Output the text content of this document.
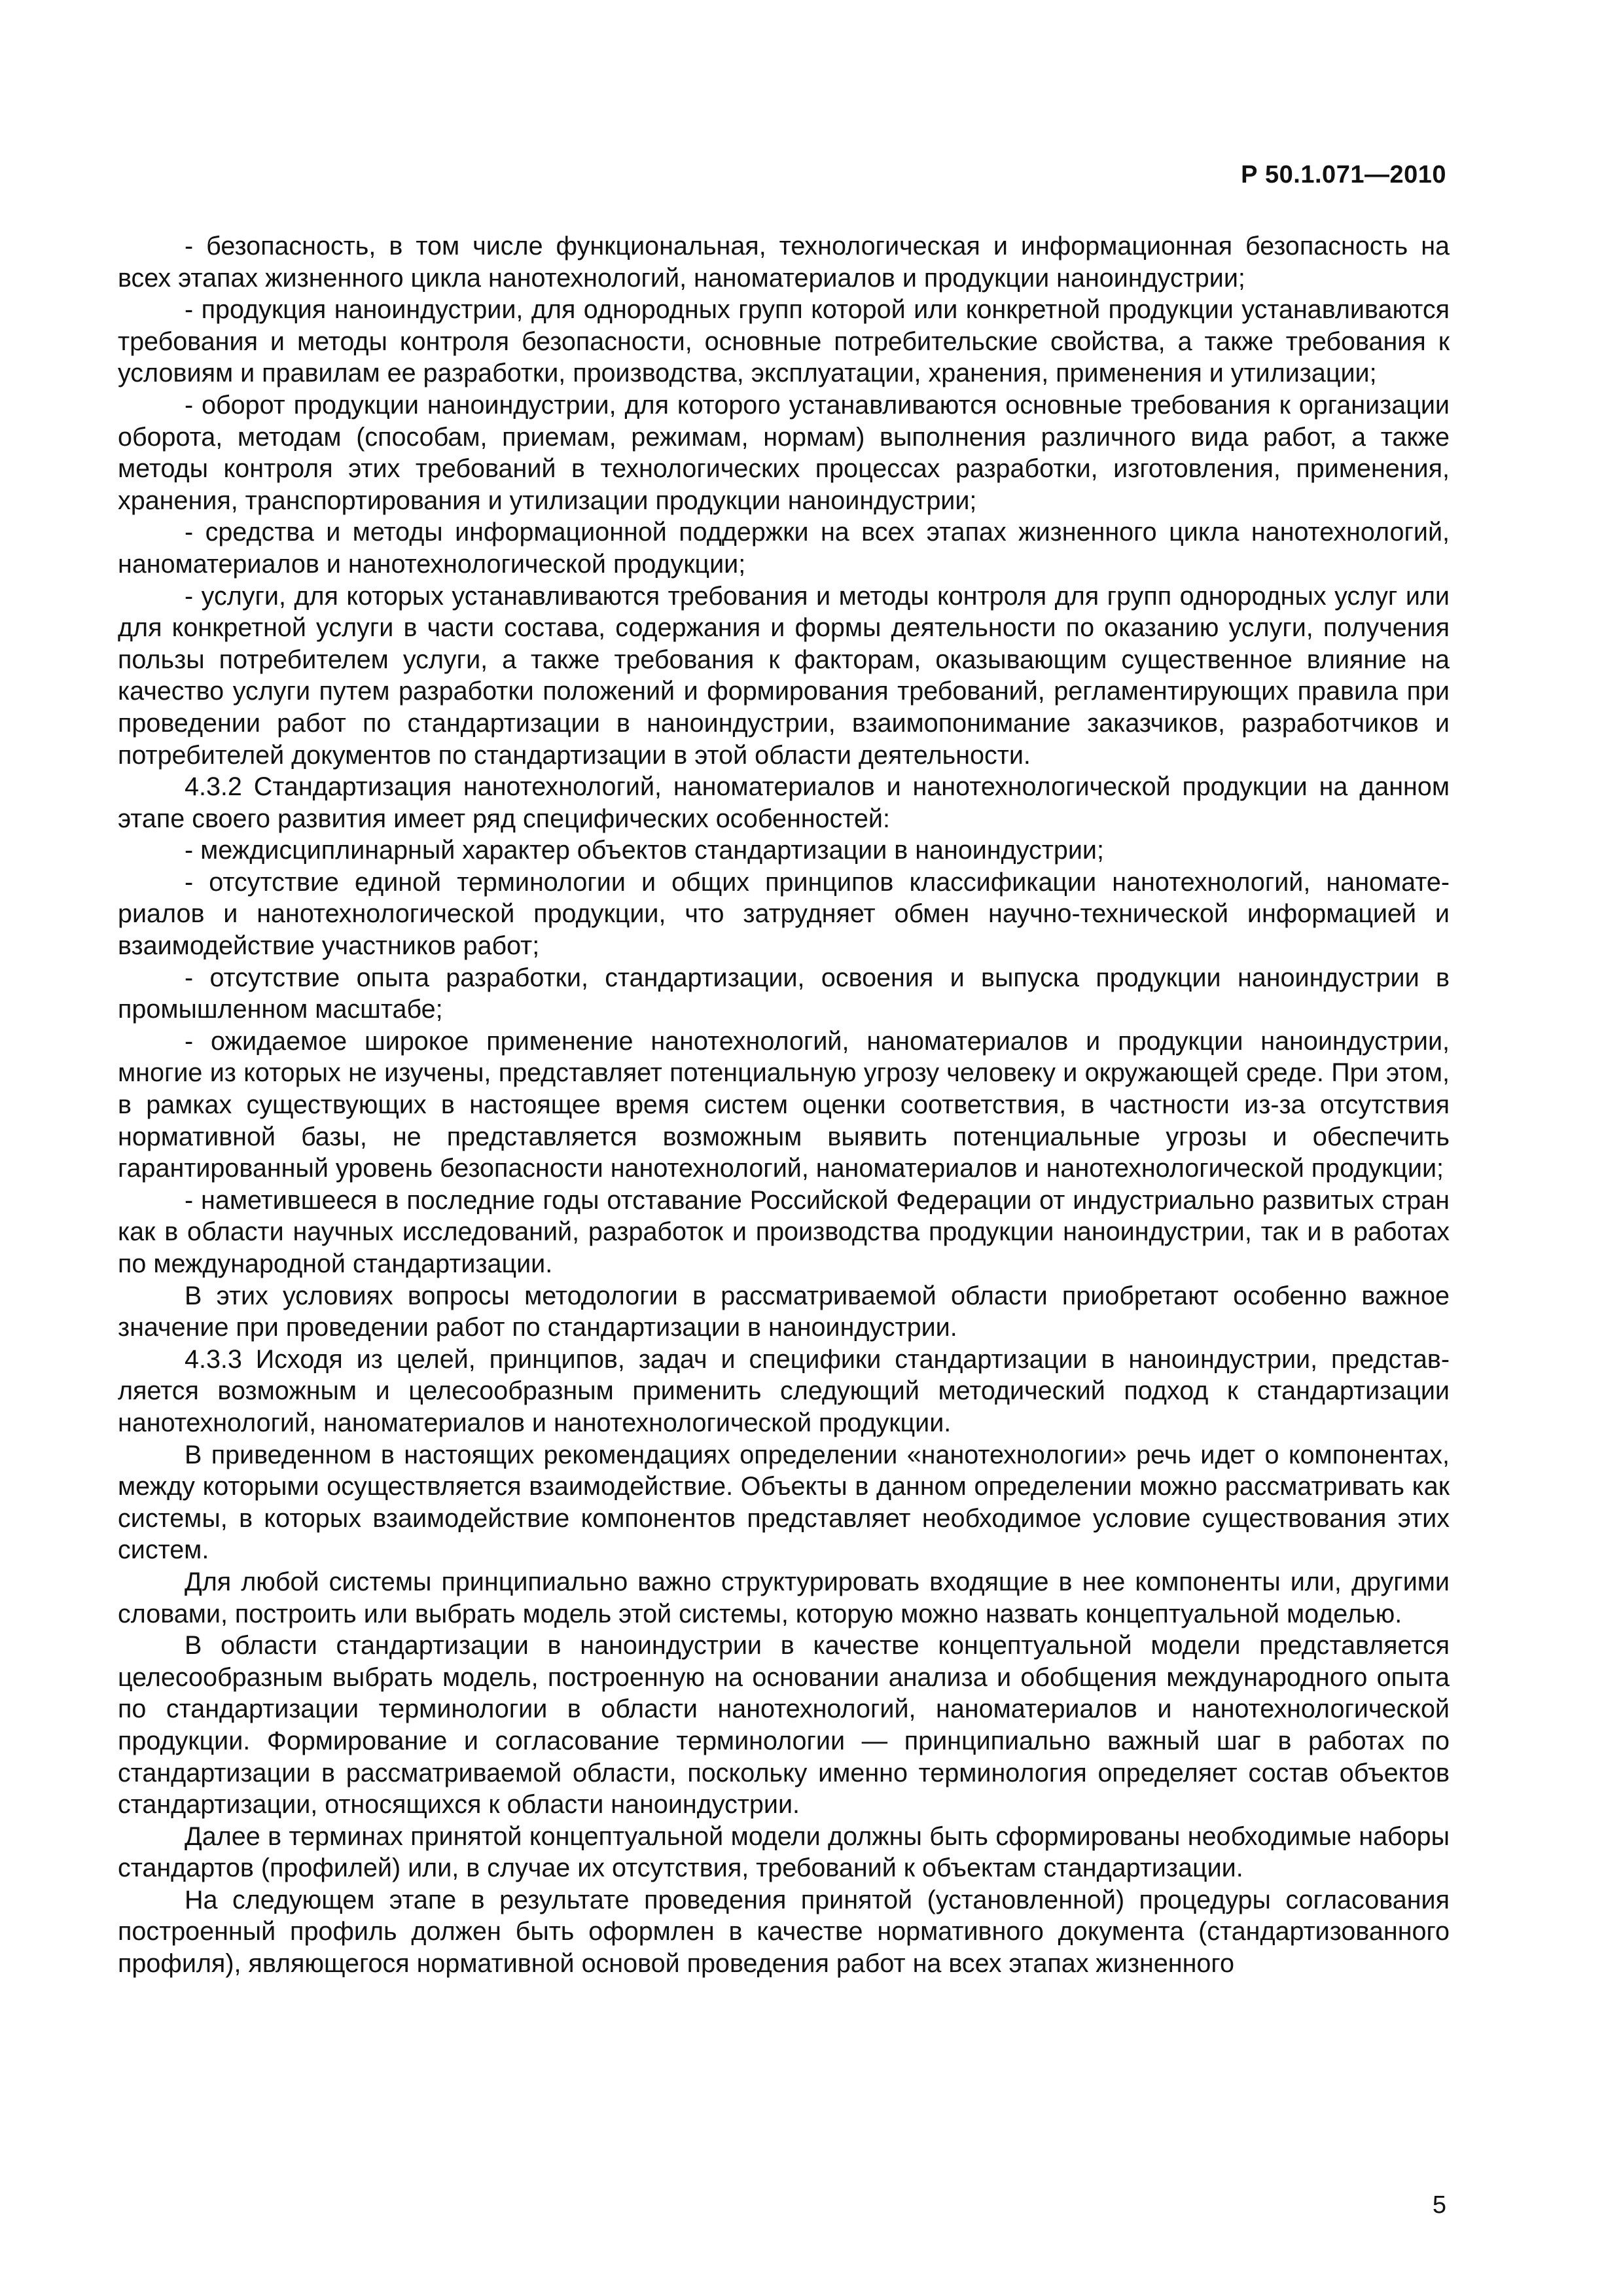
Р 50.1.071—2010

- безопасность, в том числе функциональная, технологическая и информационная безопасность на всех этапах жизненного цикла нанотехнологий, наноматериалов и продукции наноиндустрии;

- продукция наноиндустрии, для однородных групп которой или конкретной продукции устанавливаются требования и методы контроля безопасности, основные потребительские свойства, а также требования к условиям и правилам ее разработки, производства, эксплуатации, хранения, применения и утилизации;

- оборот продукции наноиндустрии, для которого устанавливаются основные требования к организации оборота, методам (способам, приемам, режимам, нормам) выполнения различного вида работ, а также методы контроля этих требований в технологических процессах разработки, изготовления, применения, хранения, транспортирования и утилизации продукции наноиндустрии;

- средства и методы информационной поддержки на всех этапах жизненного цикла нанотехнологий, наноматериалов и нанотехнологической продукции;

- услуги, для которых устанавливаются требования и методы контроля для групп однородных услуг или для конкретной услуги в части состава, содержания и формы деятельности по оказанию услуги, получения пользы потребителем услуги, а также требования к факторам, оказывающим существенное влияние на качество услуги путем разработки положений и формирования требований, регламентирующих правила при проведении работ по стандартизации в наноиндустрии, взаимопонимание заказчиков, разработчиков и потребителей документов по стандартизации в этой области деятельности.

4.3.2 Стандартизация нанотехнологий, наноматериалов и нанотехнологической продукции на данном этапе своего развития имеет ряд специфических особенностей:

- междисциплинарный характер объектов стандартизации в наноиндустрии;

- отсутствие единой терминологии и общих принципов классификации нанотехнологий, наноматериалов и нанотехнологической продукции, что затрудняет обмен научно-технической информацией и взаимодействие участников работ;

- отсутствие опыта разработки, стандартизации, освоения и выпуска продукции наноиндустрии в промышленном масштабе;

- ожидаемое широкое применение нанотехнологий, наноматериалов и продукции наноиндустрии, многие из которых не изучены, представляет потенциальную угрозу человеку и окружающей среде. При этом, в рамках существующих в настоящее время систем оценки соответствия, в частности из-за отсутствия нормативной базы, не представляется возможным выявить потенциальные угрозы и обеспечить гарантированный уровень безопасности нанотехнологий, наноматериалов и нанотехнологической продукции;

- наметившееся в последние годы отставание Российской Федерации от индустриально развитых стран как в области научных исследований, разработок и производства продукции наноиндустрии, так и в работах по международной стандартизации.

В этих условиях вопросы методологии в рассматриваемой области приобретают особенно важное значение при проведении работ по стандартизации в наноиндустрии.

4.3.3 Исходя из целей, принципов, задач и специфики стандартизации в наноиндустрии, представляется возможным и целесообразным применить следующий методический подход к стандартизации нанотехнологий, наноматериалов и нанотехнологической продукции.

В приведенном в настоящих рекомендациях определении «нанотехнологии» речь идет о компонентах, между которыми осуществляется взаимодействие. Объекты в данном определении можно рассматривать как системы, в которых взаимодействие компонентов представляет необходимое условие существования этих систем.

Для любой системы принципиально важно структурировать входящие в нее компоненты или, другими словами, построить или выбрать модель этой системы, которую можно назвать концептуальной моделью.

В области стандартизации в наноиндустрии в качестве концептуальной модели представляется целесообразным выбрать модель, построенную на основании анализа и обобщения международного опыта по стандартизации терминологии в области нанотехнологий, наноматериалов и нанотехнологической продукции. Формирование и согласование терминологии — принципиально важный шаг в работах по стандартизации в рассматриваемой области, поскольку именно терминология определяет состав объектов стандартизации, относящихся к области наноиндустрии.

Далее в терминах принятой концептуальной модели должны быть сформированы необходимые наборы стандартов (профилей) или, в случае их отсутствия, требований к объектам стандартизации.

На следующем этапе в результате проведения принятой (установленной) процедуры согласования построенный профиль должен быть оформлен в качестве нормативного документа (стандартизованного профиля), являющегося нормативной основой проведения работ на всех этапах жизненного

5
